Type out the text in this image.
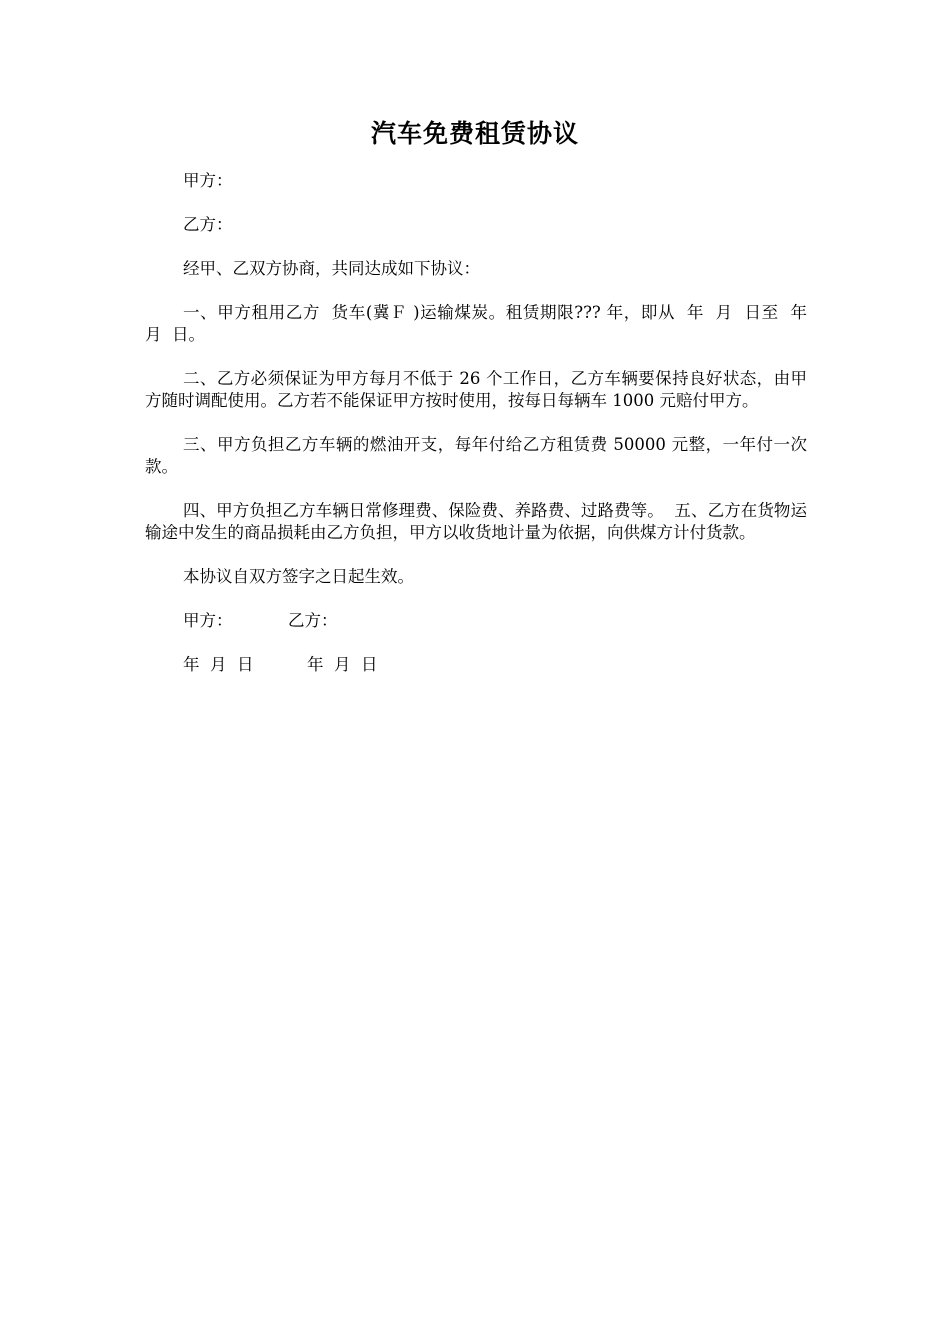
汽车免费租赁协议

甲方：

乙方：

经甲、乙双方协商，共同达成如下协议：

一、甲方租用乙方  货车(冀Ｆ )运输煤炭。租赁期限??? 年，即从  年  月  日至  年  月  日。

二、乙方必须保证为甲方每月不低于 26 个工作日，乙方车辆要保持良好状态，由甲方随时调配使用。乙方若不能保证甲方按时使用，按每日每辆车 1000 元赔付甲方。

三、甲方负担乙方车辆的燃油开支，每年付给乙方租赁费 50000 元整，一年付一次款。

四、甲方负担乙方车辆日常修理费、保险费、养路费、过路费等。  五、乙方在货物运输途中发生的商品损耗由乙方负担，甲方以收货地计量为依据，向供煤方计付货款。

本协议自双方签字之日起生效。

甲方：	乙方：
年  月  日	年  月  日
